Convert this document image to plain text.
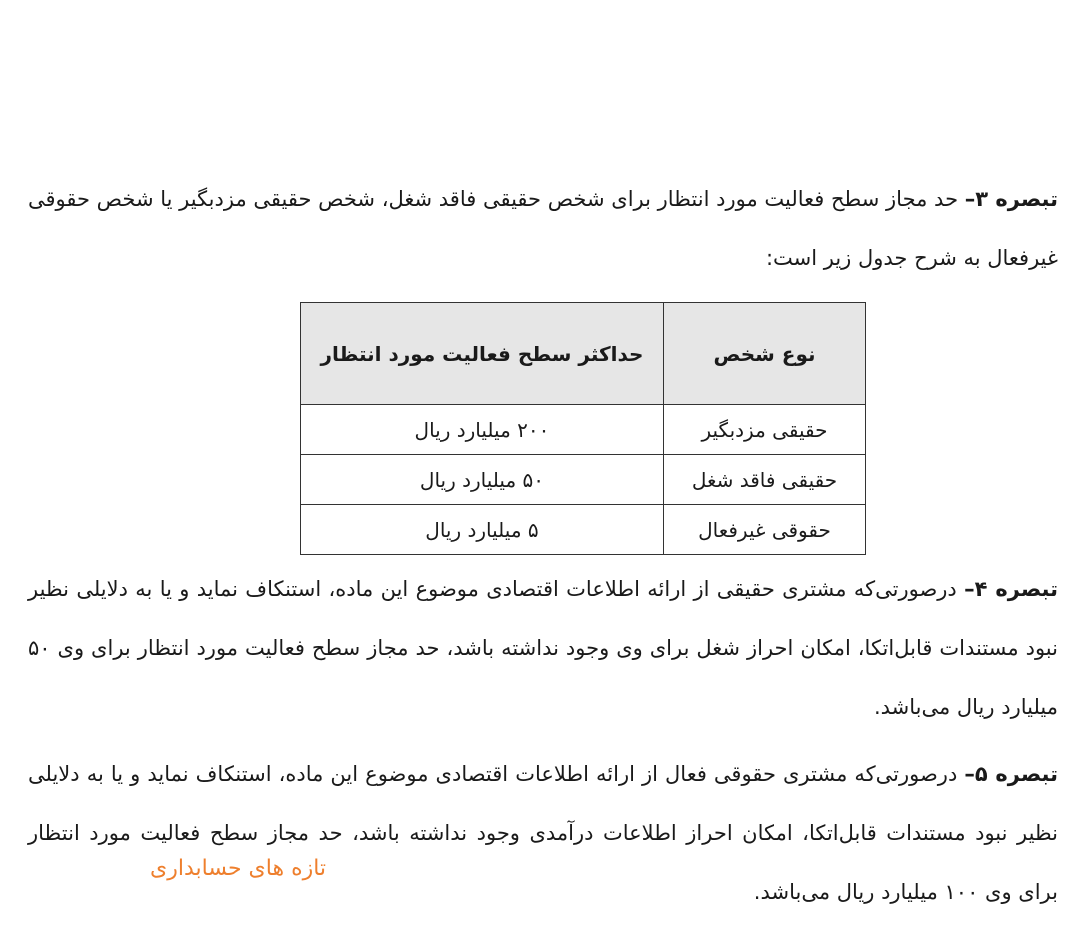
تبصره ۳– حد مجاز سطح فعالیت مورد انتظار برای شخص حقیقی فاقد شغل، شخص حقیقی مزدبگیر یا شخص حقوقی غیرفعال به شرح جدول زیر است:

نوع شخص	حداکثر سطح فعالیت مورد انتظار
حقیقی مزدبگیر	۲۰۰ میلیارد ریال
حقیقی فاقد شغل	۵۰ میلیارد ریال
حقوقی غیرفعال	۵ میلیارد ریال

تبصره ۴– درصورتی‌که مشتری حقیقی از ارائه اطلاعات اقتصادی موضوع این ماده، استنکاف نماید و یا به دلایلی نظیر نبود مستندات قابل‌اتکا، امکان احراز شغل برای وی وجود نداشته باشد، حد مجاز سطح فعالیت مورد انتظار برای وی ۵۰ میلیارد ریال می‌باشد.

تبصره ۵– درصورتی‌که مشتری حقوقی فعال از ارائه اطلاعات اقتصادی موضوع این ماده، استنکاف نماید و یا به دلایلی نظیر نبود مستندات قابل‌اتکا، امکان احراز اطلاعات درآمدی وجود نداشته باشد، حد مجاز سطح فعالیت مورد انتظار برای وی ۱۰۰ میلیارد ریال می‌باشد.

تازه های حسابداری
